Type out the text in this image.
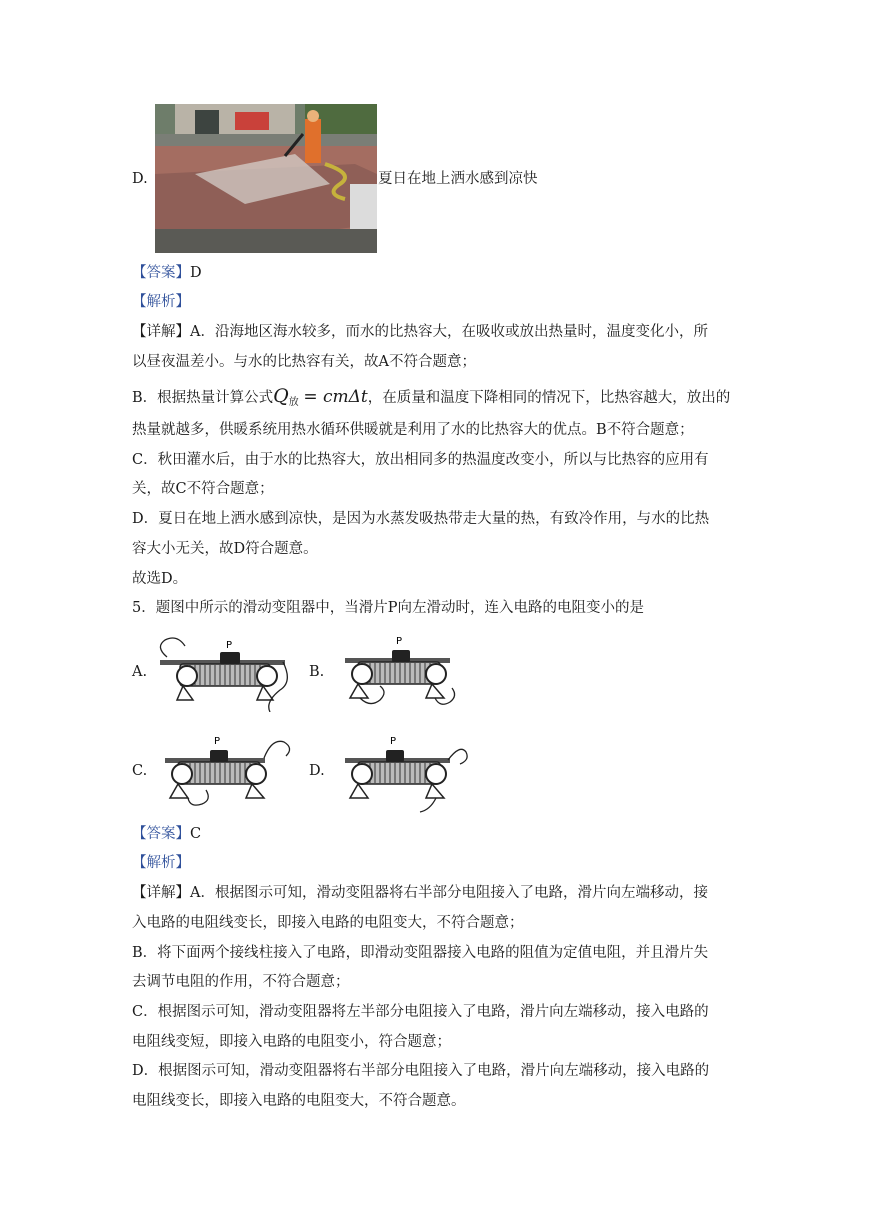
D.	夏日在地上洒水感到凉快
【答案】D
【解析】
【详解】A．沿海地区海水较多，而水的比热容大，在吸收或放出热量时，温度变化小，所
以昼夜温差小。与水的比热容有关，故A不符合题意；
B．根据热量计算公式$Q_放 = cm\Delta t$，在质量和温度下降相同的情况下，比热容越大，放出的
热量就越多，供暖系统用热水循环供暖就是利用了水的比热容大的优点。B不符合题意；
C．秋田灌水后，由于水的比热容大，放出相同多的热温度改变小，所以与比热容的应用有
关，故C不符合题意；
D．夏日在地上洒水感到凉快，是因为水蒸发吸热带走大量的热，有致冷作用，与水的比热
容大小无关，故D符合题意。
故选D。
5．题图中所示的滑动变阻器中，当滑片P向左滑动时，连入电路的电阻变小的是
A.	B.
C.	D.
P	P
P	P
【答案】C
【解析】
【详解】A．根据图示可知，滑动变阻器将右半部分电阻接入了电路，滑片向左端移动，接
入电路的电阻线变长，即接入电路的电阻变大，不符合题意；
B．将下面两个接线柱接入了电路，即滑动变阻器接入电路的阻值为定值电阻，并且滑片失
去调节电阻的作用，不符合题意；
C．根据图示可知，滑动变阻器将左半部分电阻接入了电路，滑片向左端移动，接入电路的
电阻线变短，即接入电路的电阻变小，符合题意；
D．根据图示可知，滑动变阻器将右半部分电阻接入了电路，滑片向左端移动，接入电路的
电阻线变长，即接入电路的电阻变大，不符合题意。
